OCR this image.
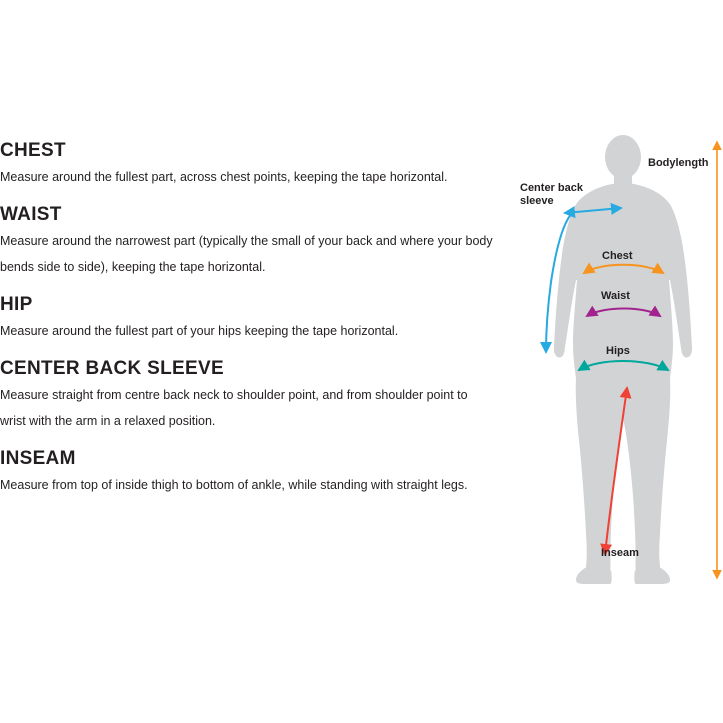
CHEST

Measure around the fullest part, across chest points, keeping the tape horizontal.

WAIST

Measure around the narrowest part (typically the small of your back and where your body bends side to side), keeping the tape horizontal.

HIP

Measure around the fullest part of your hips keeping the tape horizontal.

CENTER BACK SLEEVE

Measure straight from centre back neck to shoulder point, and from shoulder point to wrist with the arm in a relaxed position.

INSEAM

Measure from top of inside thigh to bottom of ankle, while standing with straight legs.

Bodylength
Center back sleeve
Chest
Waist
Hips
Inseam
